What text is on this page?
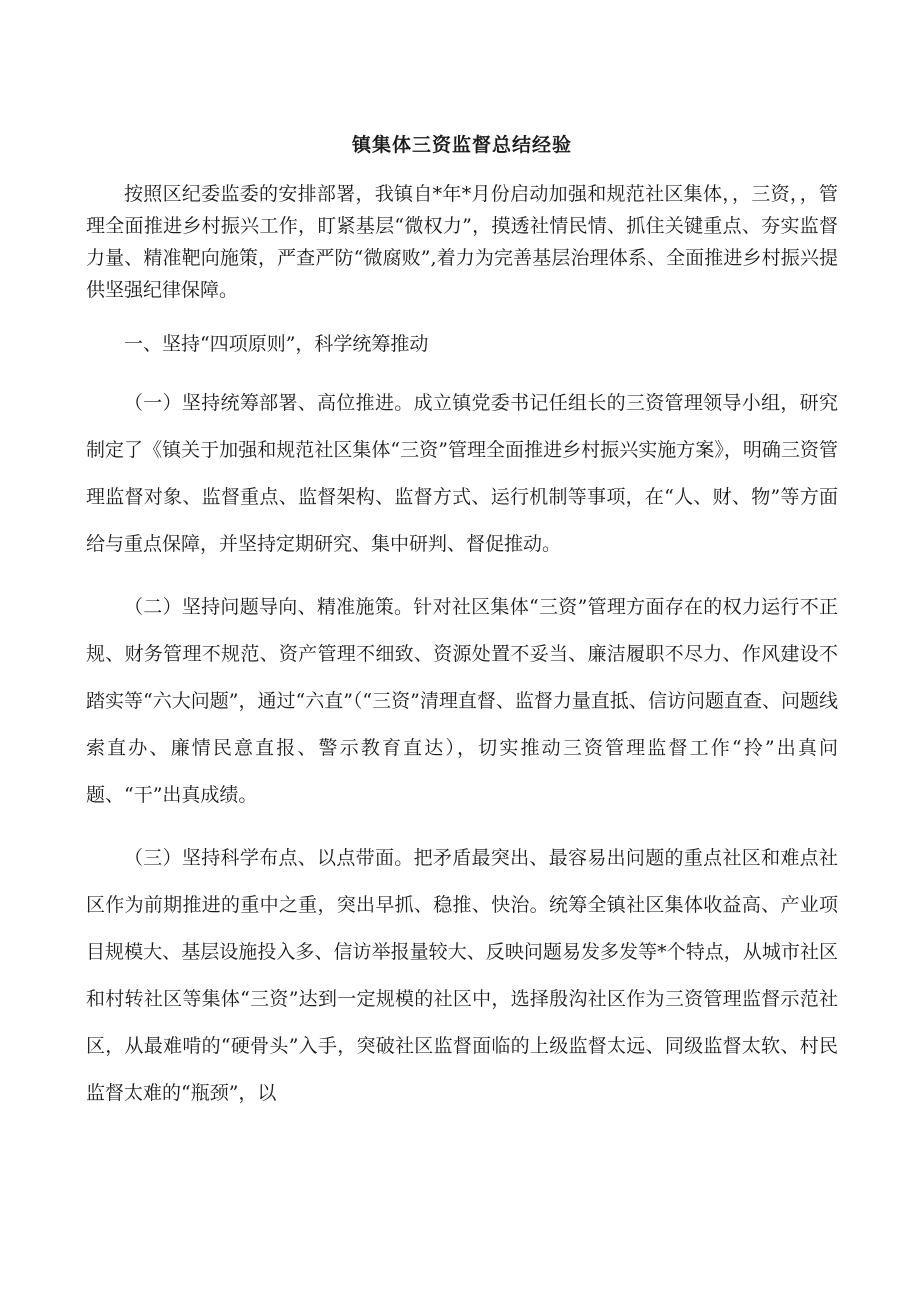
镇集体三资监督总结经验

按照区纪委监委的安排部署，我镇自*年*月份启动加强和规范社区集体，，三资，，管理全面推进乡村振兴工作，盯紧基层“微权力”，摸透社情民情、抓住关键重点、夯实监督力量、精准靶向施策，严查严防“微腐败”,着力为完善基层治理体系、全面推进乡村振兴提供坚强纪律保障。

一、坚持“四项原则”，科学统筹推动

（一）坚持统筹部署、高位推进。成立镇党委书记任组长的三资管理领导小组，研究制定了《镇关于加强和规范社区集体“三资”管理全面推进乡村振兴实施方案》，明确三资管理监督对象、监督重点、监督架构、监督方式、运行机制等事项，在“人、财、物”等方面给与重点保障，并坚持定期研究、集中研判、督促推动。

（二）坚持问题导向、精准施策。针对社区集体“三资”管理方面存在的权力运行不正规、财务管理不规范、资产管理不细致、资源处置不妥当、廉洁履职不尽力、作风建设不踏实等“六大问题”，通过“六直”（“三资”清理直督、监督力量直抵、信访问题直查、问题线索直办、廉情民意直报、警示教育直达），切实推动三资管理监督工作“拎”出真问题、“干”出真成绩。

（三）坚持科学布点、以点带面。把矛盾最突出、最容易出问题的重点社区和难点社区作为前期推进的重中之重，突出早抓、稳推、快治。统筹全镇社区集体收益高、产业项目规模大、基层设施投入多、信访举报量较大、反映问题易发多发等*个特点，从城市社区和村转社区等集体“三资”达到一定规模的社区中，选择殷沟社区作为三资管理监督示范社区，从最难啃的“硬骨头”入手，突破社区监督面临的上级监督太远、同级监督太软、村民监督太难的“瓶颈”，以
